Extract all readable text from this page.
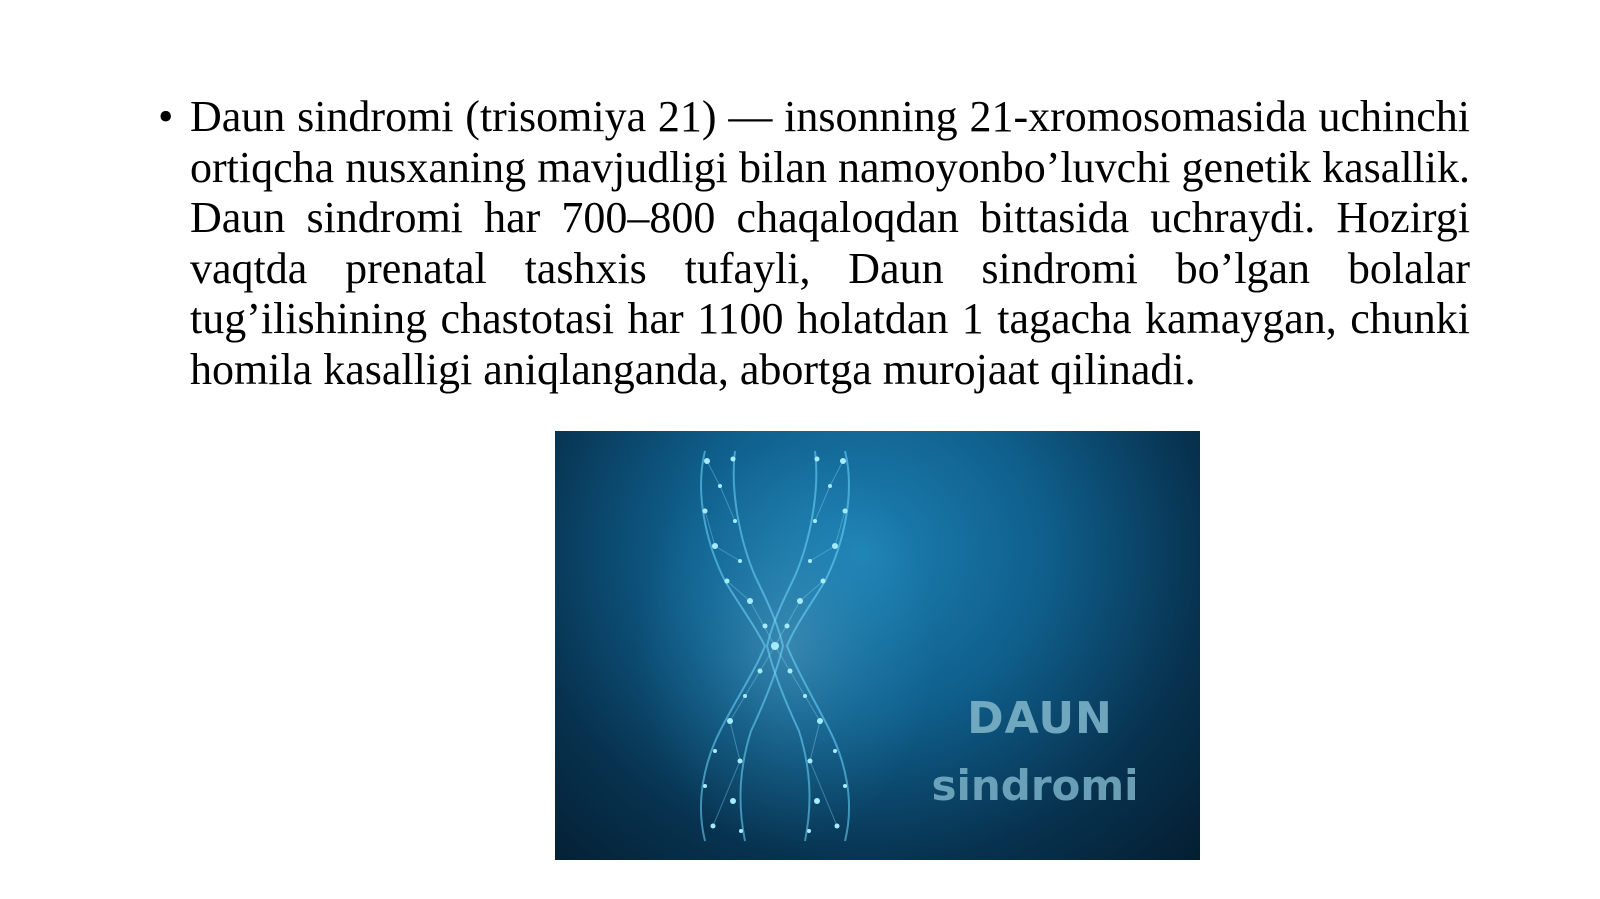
• Daun sindromi (trisomiya 21) — insonning 21-xromosomasida uchinchi ortiqcha nusxaning mavjudligi bilan namoyonbo’luvchi genetik kasallik. Daun sindromi har 700–800 chaqaloqdan bittasida uchraydi. Hozirgi vaqtda prenatal tashxis tufayli, Daun sindromi bo’lgan bolalar tug’ilishining chastotasi har 1100 holatdan 1 tagacha kamaygan, chunki homila kasalligi aniqlanganda, abortga murojaat qilinadi.
DAUN
sindromi
